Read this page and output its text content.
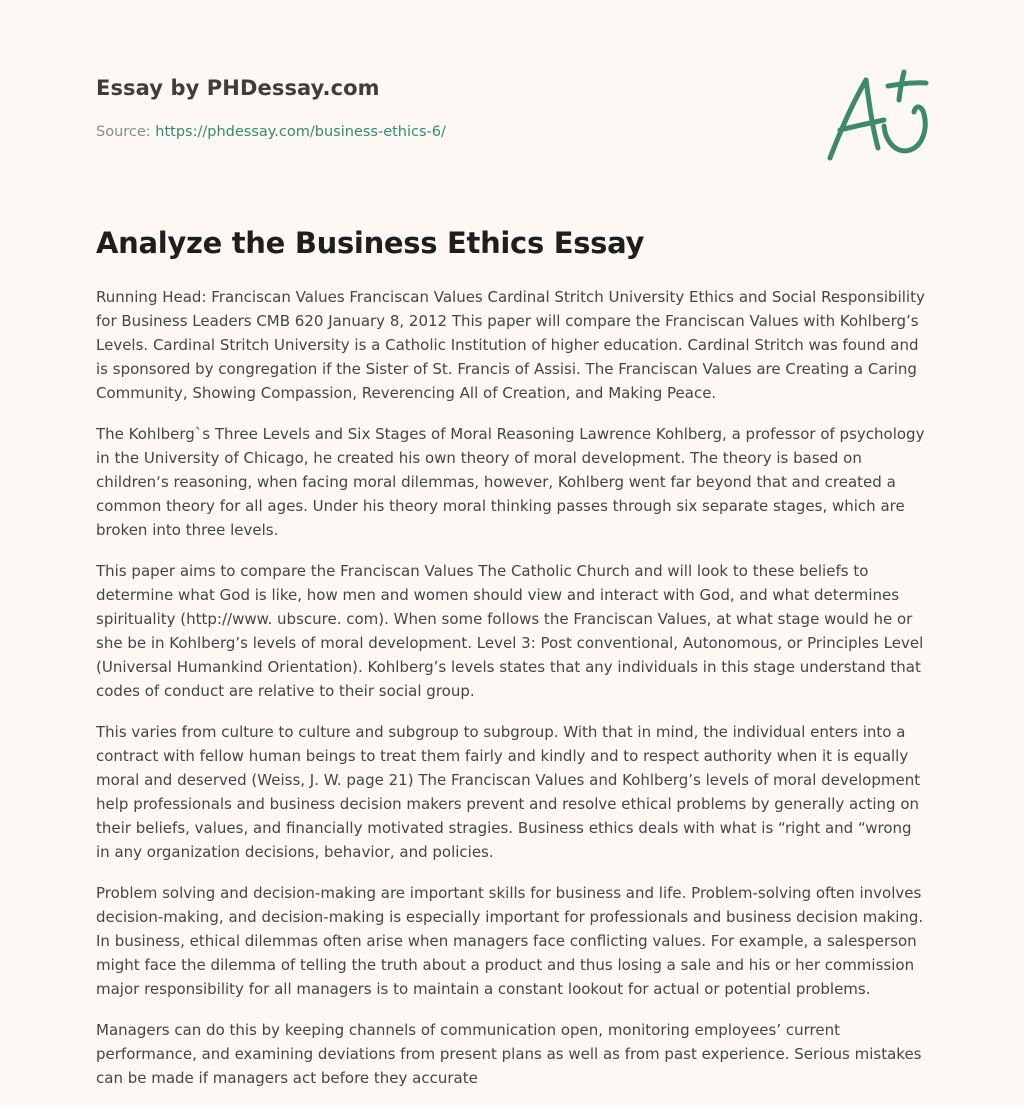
Essay by PHDessay.com
Source: https://phdessay.com/business-ethics-6/
Analyze the Business Ethics Essay

Running Head: Franciscan Values Franciscan Values Cardinal Stritch University Ethics and Social Responsibility for Business Leaders CMB 620 January 8, 2012 This paper will compare the Franciscan Values with Kohlberg’s Levels. Cardinal Stritch University is a Catholic Institution of higher education. Cardinal Stritch was found and is sponsored by congregation if the Sister of St. Francis of Assisi. The Franciscan Values are Creating a Caring Community, Showing Compassion, Reverencing All of Creation, and Making Peace.

The Kohlberg`s Three Levels and Six Stages of Moral Reasoning Lawrence Kohlberg, a professor of psychology in the University of Chicago, he created his own theory of moral development. The theory is based on children‘s reasoning, when facing moral dilemmas, however, Kohlberg went far beyond that and created a common theory for all ages. Under his theory moral thinking passes through six separate stages, which are broken into three levels.

This paper aims to compare the Franciscan Values The Catholic Church and will look to these beliefs to determine what God is like, how men and women should view and interact with God, and what determines spirituality (http://www. ubscure. com). When some follows the Franciscan Values, at what stage would he or she be in Kohlberg’s levels of moral development. Level 3: Post conventional, Autonomous, or Principles Level (Universal Humankind Orientation). Kohlberg’s levels states that any individuals in this stage understand that codes of conduct are relative to their social group.

This varies from culture to culture and subgroup to subgroup. With that in mind, the individual enters into a contract with fellow human beings to treat them fairly and kindly and to respect authority when it is equally moral and deserved (Weiss, J. W. page 21) The Franciscan Values and Kohlberg’s levels of moral development help professionals and business decision makers prevent and resolve ethical problems by generally acting on their beliefs, values, and financially motivated stragies. Business ethics deals with what is “right and “wrong in any organization decisions, behavior, and policies.

Problem solving and decision-making are important skills for business and life. Problem-solving often involves decision-making, and decision-making is especially important for professionals and business decision making. In business, ethical dilemmas often arise when managers face conflicting values. For example, a salesperson might face the dilemma of telling the truth about a product and thus losing a sale and his or her commission major responsibility for all managers is to maintain a constant lookout for actual or potential problems.

Managers can do this by keeping channels of communication open, monitoring employees’ current performance, and examining deviations from present plans as well as from past experience. Serious mistakes can be made if managers act before they accurate
